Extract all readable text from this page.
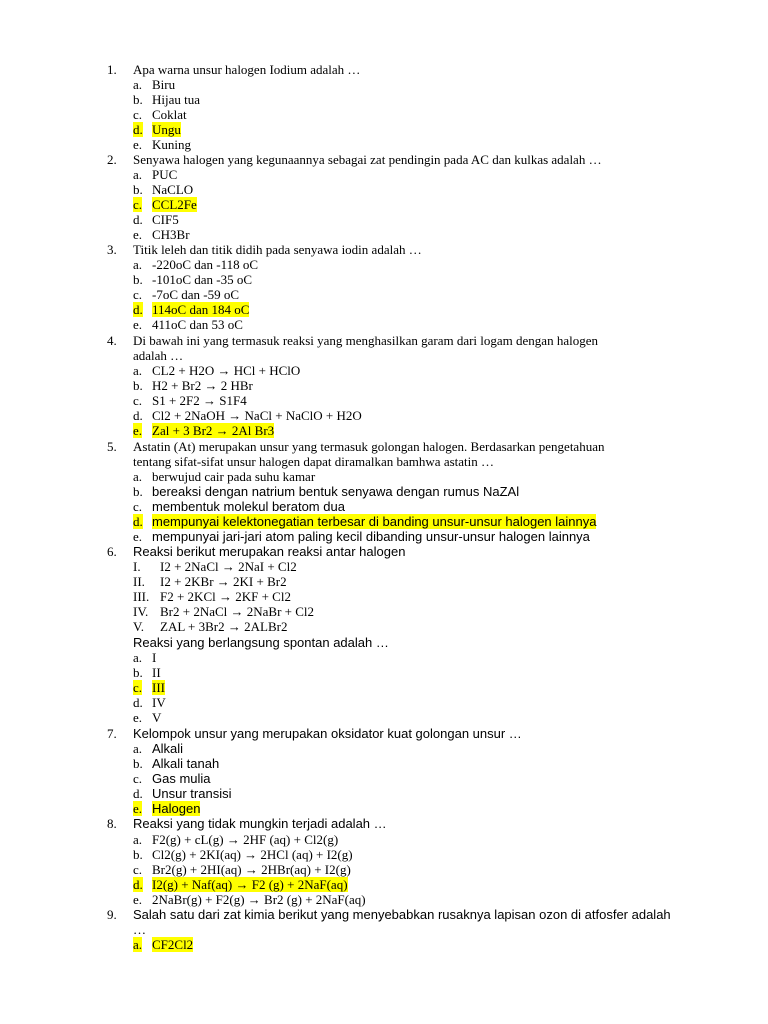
1. Apa warna unsur halogen Iodium adalah …
a. Biru
b. Hijau tua
c. Coklat
d. Ungu
e. Kuning
2. Senyawa halogen yang kegunaannya sebagai zat pendingin pada AC dan kulkas adalah …
a. PUC
b. NaCLO
c. CCL2Fe
d. CIF5
e. CH3Br
3. Titik leleh dan titik didih pada senyawa iodin adalah …
a. -220oC dan -118 oC
b. -101oC dan -35 oC
c. -7oC dan -59 oC
d. 114oC dan 184 oC
e. 411oC dan 53 oC
4. Di bawah ini yang termasuk reaksi yang menghasilkan garam dari logam dengan halogen
adalah …
a. CL2 + H2O → HCl + HClO
b. H2 + Br2 → 2 HBr
c. S1 + 2F2 → S1F4
d. Cl2 + 2NaOH → NaCl + NaClO + H2O
e. Zal + 3 Br2 → 2Al Br3
5. Astatin (At) merupakan unsur yang termasuk golongan halogen. Berdasarkan pengetahuan
tentang sifat-sifat unsur halogen dapat diramalkan bamhwa astatin …
a. berwujud cair pada suhu kamar
b. bereaksi dengan natrium bentuk senyawa dengan rumus NaZAl
c. membentuk molekul beratom dua
d. mempunyai kelektonegatian terbesar di banding unsur-unsur halogen lainnya
e. mempunyai jari-jari atom paling kecil dibanding unsur-unsur halogen lainnya
6. Reaksi berikut merupakan reaksi antar halogen
I. I2 + 2NaCl → 2NaI + Cl2
II. I2 + 2KBr → 2KI + Br2
III. F2 + 2KCl → 2KF + Cl2
IV. Br2 + 2NaCl → 2NaBr + Cl2
V. ZAL + 3Br2 → 2ALBr2
Reaksi yang berlangsung spontan adalah …
a. I
b. II
c. III
d. IV
e. V
7. Kelompok unsur yang merupakan oksidator kuat golongan unsur …
a. Alkali
b. Alkali tanah
c. Gas mulia
d. Unsur transisi
e. Halogen
8. Reaksi yang tidak mungkin terjadi adalah …
a. F2(g) + cL(g) → 2HF (aq) + Cl2(g)
b. Cl2(g) + 2KI(aq) → 2HCl (aq) + I2(g)
c. Br2(g) + 2HI(aq) → 2HBr(aq) + I2(g)
d. I2(g) + Naf(aq) → F2 (g) + 2NaF(aq)
e. 2NaBr(g) + F2(g) → Br2 (g) + 2NaF(aq)
9. Salah satu dari zat kimia berikut yang menyebabkan rusaknya lapisan ozon di atfosfer adalah
…
a. CF2Cl2
